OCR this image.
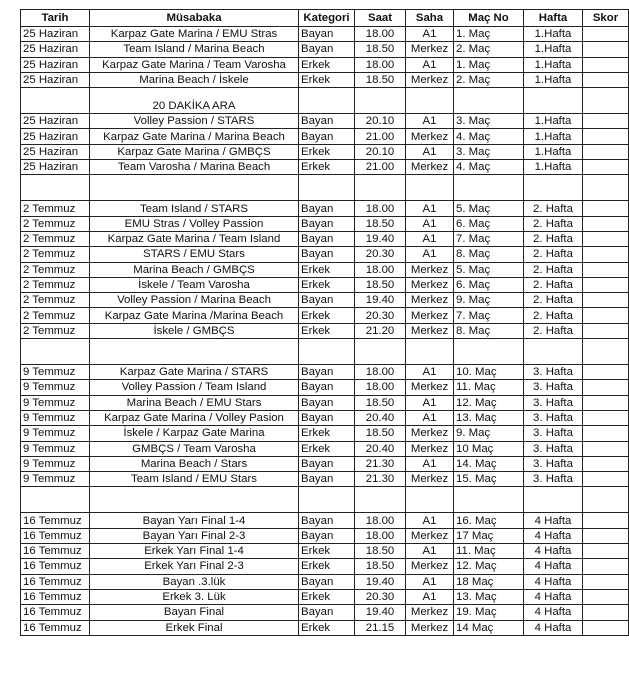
Tarih	Müsabaka	Kategori	Saat	Saha	Maç No	Hafta	Skor
25 Haziran	Karpaz Gate Marina / EMU Stras	Bayan	18.00	A1	1. Maç	1.Hafta	
25 Haziran	Team Island / Marina Beach	Bayan	18.50	Merkez	2. Maç	1.Hafta	
25 Haziran	Karpaz Gate Marina / Team Varosha	Erkek	18.00	A1	1. Maç	1.Hafta	
25 Haziran	Marina Beach / İskele	Erkek	18.50	Merkez	2. Maç	1.Hafta	
	20 DAKİKA ARA						
25 Haziran	Volley Passion / STARS	Bayan	20.10	A1	3. Maç	1.Hafta	
25 Haziran	Karpaz Gate Marina / Marina Beach	Bayan	21.00	Merkez	4. Maç	1.Hafta	
25 Haziran	Karpaz Gate Marina / GMBÇS	Erkek	20.10	A1	3. Maç	1.Hafta	
25 Haziran	Team Varosha / Marina Beach	Erkek	21.00	Merkez	4. Maç	1.Hafta	

2 Temmuz	Team Island / STARS	Bayan	18.00	A1	5. Maç	2. Hafta	
2 Temmuz	EMU Stras / Volley Passion	Bayan	18.50	A1	6. Maç	2. Hafta	
2 Temmuz	Karpaz Gate Marina / Team Island	Bayan	19.40	A1	7. Maç	2. Hafta	
2 Temmuz	STARS / EMU Stars	Bayan	20.30	A1	8. Maç	2. Hafta	
2 Temmuz	Marina Beach / GMBÇS	Erkek	18.00	Merkez	5. Maç	2. Hafta	
2 Temmuz	İskele / Team Varosha	Erkek	18.50	Merkez	6. Maç	2. Hafta	
2 Temmuz	Volley Passion / Marina Beach	Bayan	19.40	Merkez	9. Maç	2. Hafta	
2 Temmuz	Karpaz Gate Marina /Marina Beach	Erkek	20.30	Merkez	7. Maç	2. Hafta	
2 Temmuz	İskele / GMBÇS	Erkek	21.20	Merkez	8. Maç	2. Hafta	

9 Temmuz	Karpaz Gate Marina / STARS	Bayan	18.00	A1	10. Maç	3. Hafta	
9 Temmuz	Volley Passion / Team Island	Bayan	18.00	Merkez	11. Maç	3. Hafta	
9 Temmuz	Marina Beach / EMU Stars	Bayan	18.50	A1	12. Maç	3. Hafta	
9 Temmuz	Karpaz Gate Marina / Volley Pasion	Bayan	20.40	A1	13. Maç	3. Hafta	
9 Temmuz	İskele / Karpaz Gate Marina	Erkek	18.50	Merkez	9. Maç	3. Hafta	
9 Temmuz	GMBÇS / Team Varosha	Erkek	20.40	Merkez	10 Maç	3. Hafta	
9 Temmuz	Marina Beach / Stars	Bayan	21.30	A1	14. Maç	3. Hafta	
9 Temmuz	Team Island / EMU Stars	Bayan	21.30	Merkez	15. Maç	3. Hafta	

16 Temmuz	Bayan Yarı Final 1-4	Bayan	18.00	A1	16. Maç	4 Hafta	
16 Temmuz	Bayan Yarı Final 2-3	Bayan	18.00	Merkez	17 Maç	4 Hafta	
16 Temmuz	Erkek Yarı Final 1-4	Erkek	18.50	A1	11. Maç	4 Hafta	
16 Temmuz	Erkek Yarı Final 2-3	Erkek	18.50	Merkez	12. Maç	4 Hafta	
16 Temmuz	Bayan .3.lük	Bayan	19.40	A1	18 Maç	4 Hafta	
16 Temmuz	Erkek 3. Lük	Erkek	20.30	A1	13. Maç	4 Hafta	
16 Temmuz	Bayan Final	Bayan	19.40	Merkez	19. Maç	4 Hafta	
16 Temmuz	Erkek Final	Erkek	21.15	Merkez	14 Maç	4 Hafta	
